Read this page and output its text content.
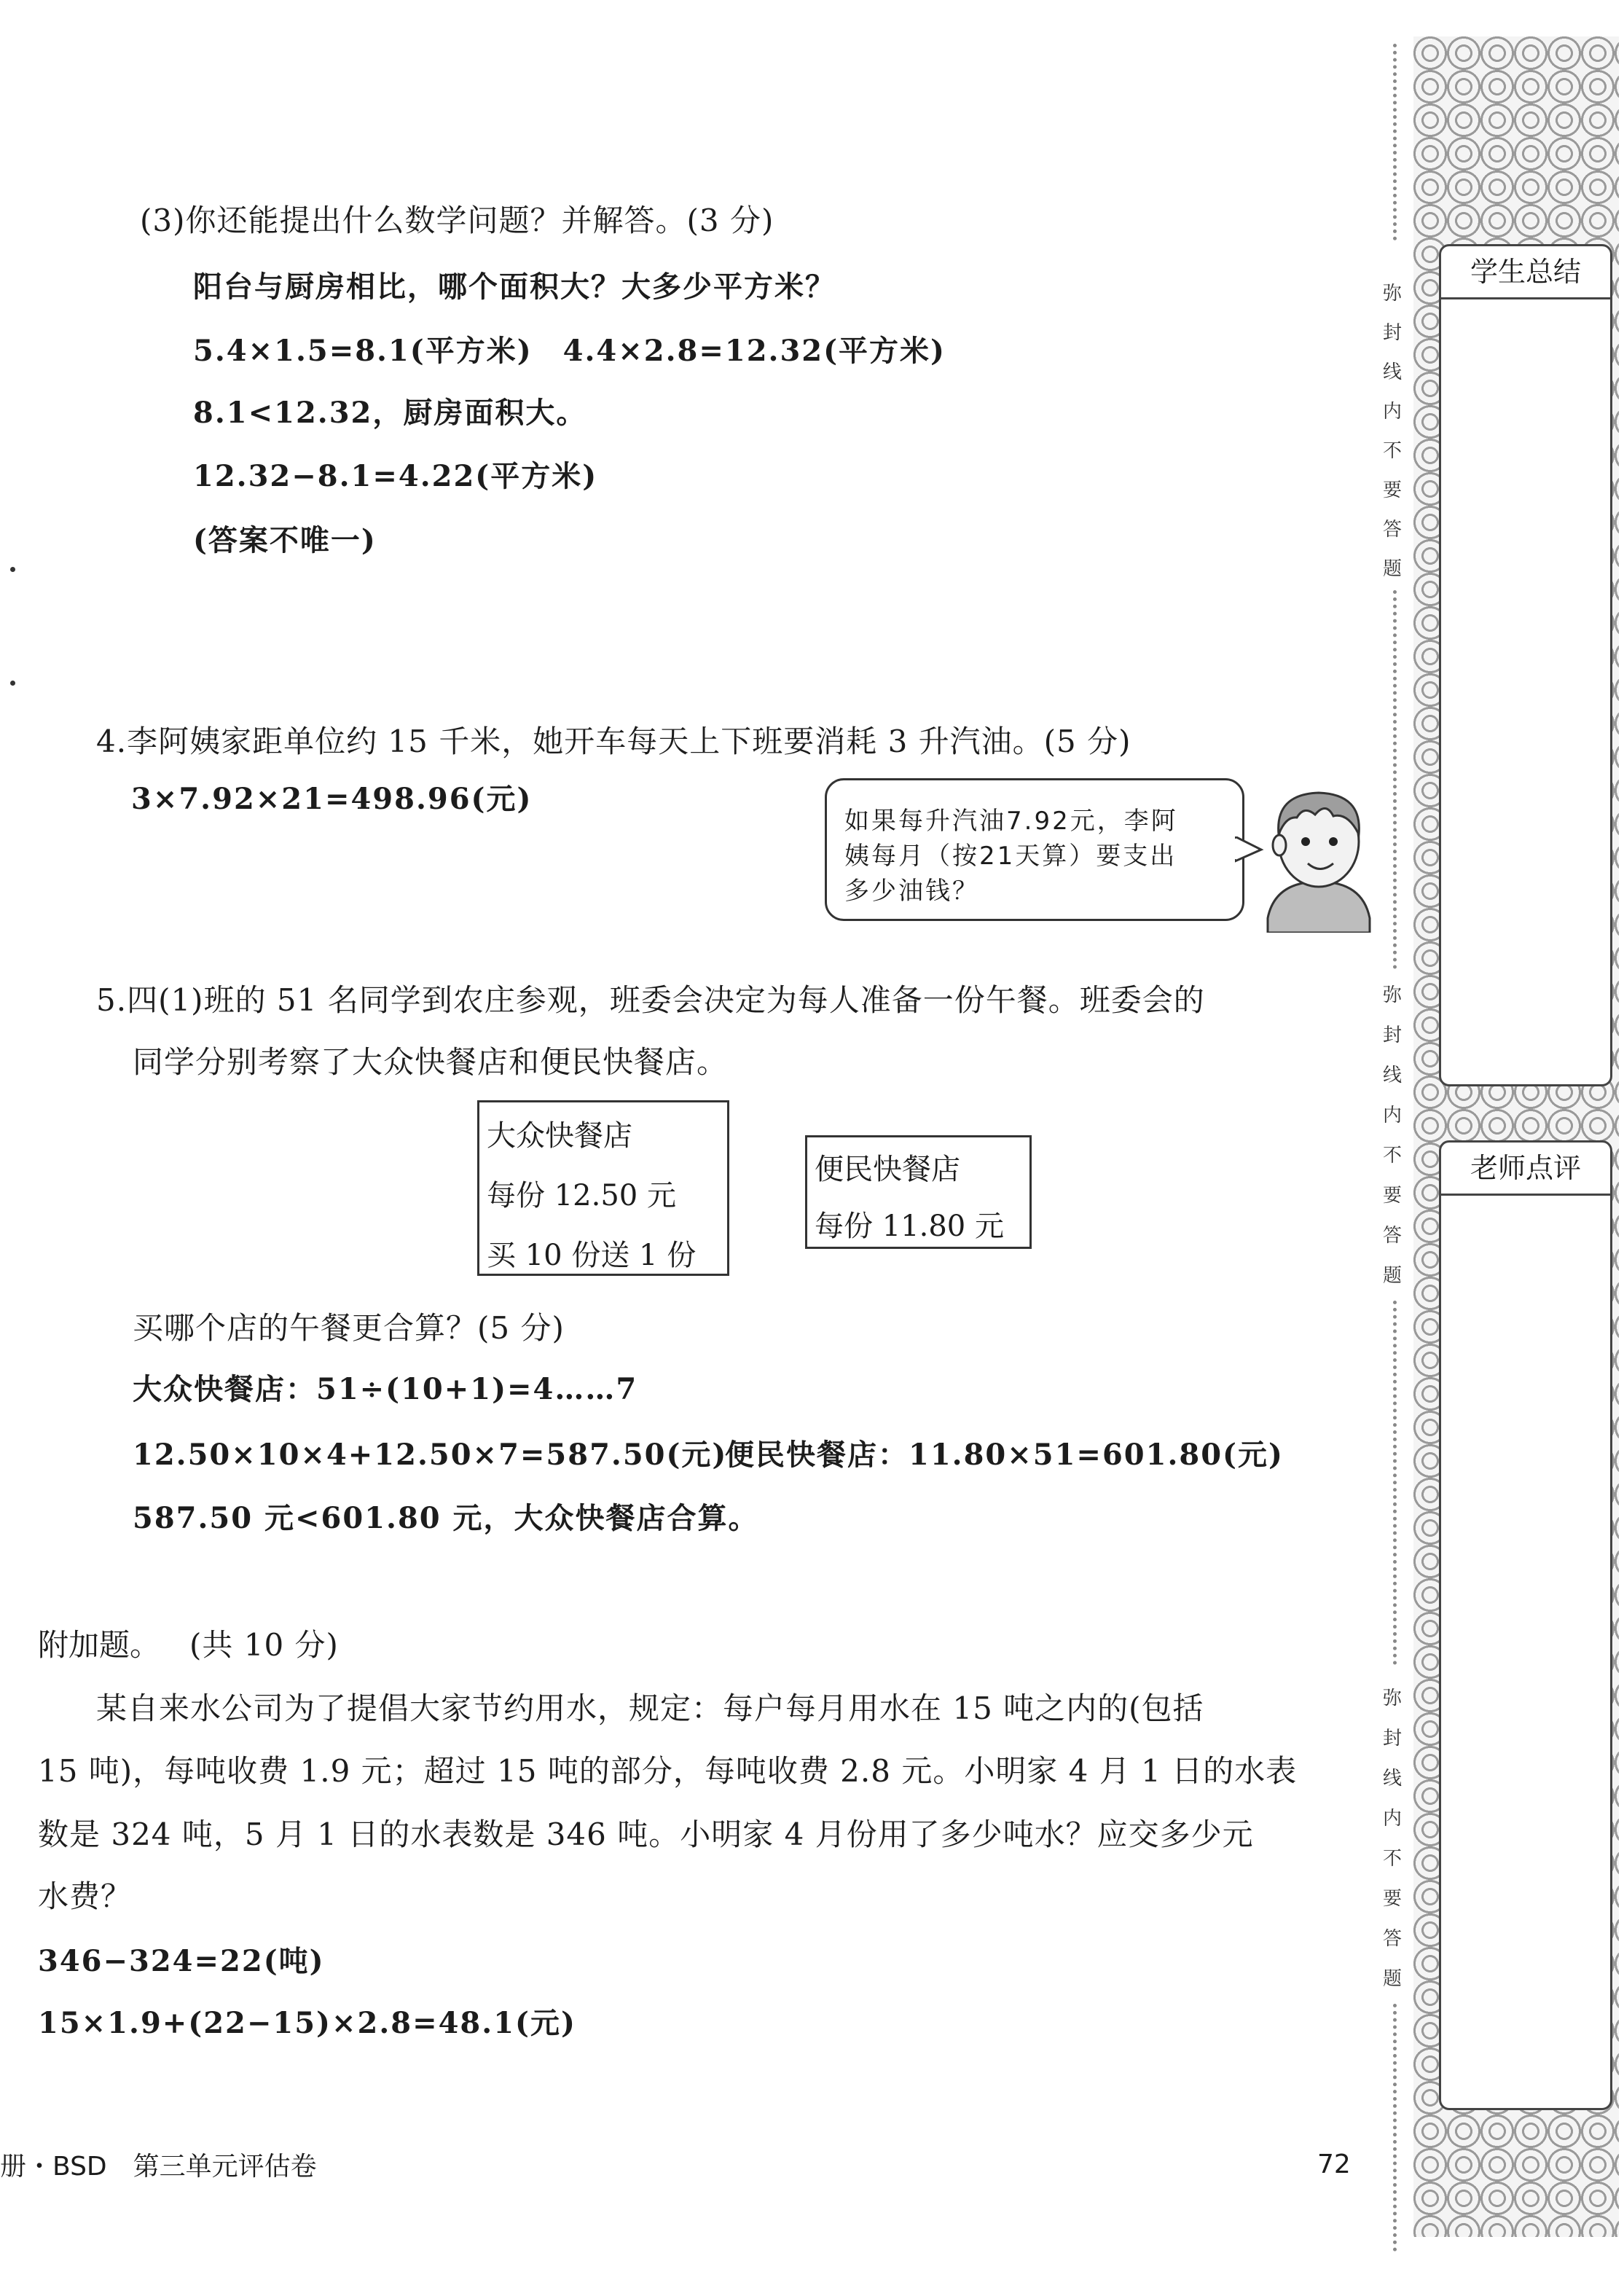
(3)你还能提出什么数学问题？并解答。(3 分)
阳台与厨房相比，哪个面积大？大多少平方米？
5.4×1.5=8.1(平方米)　4.4×2.8=12.32(平方米)
8.1<12.32，厨房面积大。
12.32−8.1=4.22(平方米)
(答案不唯一)
4.李阿姨家距单位约 15 千米，她开车每天上下班要消耗 3 升汽油。(5 分)
3×7.92×21=498.96(元)
如果每升汽油7.92元，李阿
姨每月（按21天算）要支出
多少油钱？
5.四(1)班的 51 名同学到农庄参观，班委会决定为每人准备一份午餐。班委会的
同学分别考察了大众快餐店和便民快餐店。
大众快餐店
每份 12.50 元
买 10 份送 1 份
便民快餐店
每份 11.80 元
买哪个店的午餐更合算？(5 分)
大众快餐店：51÷(10+1)=4……7
12.50×10×4+12.50×7=587.50(元)
便民快餐店：11.80×51=601.80(元)
587.50 元<601.80 元，大众快餐店合算。
附加题。 (共 10 分)
某自来水公司为了提倡大家节约用水，规定：每户每月用水在 15 吨之内的(包括
15 吨)，每吨收费 1.9 元；超过 15 吨的部分，每吨收费 2.8 元。小明家 4 月 1 日的水表
数是 324 吨，5 月 1 日的水表数是 346 吨。小明家 4 月份用了多少吨水？应交多少元
水费？
346−324=22(吨)
15×1.9+(22−15)×2.8=48.1(元)
册・BSD　第三单元评估卷	72
学生总结
老师点评
弥
封
线
内
不
要
答
题
弥
封
线
内
不
要
答
题
弥
封
线
内
不
要
答
题
